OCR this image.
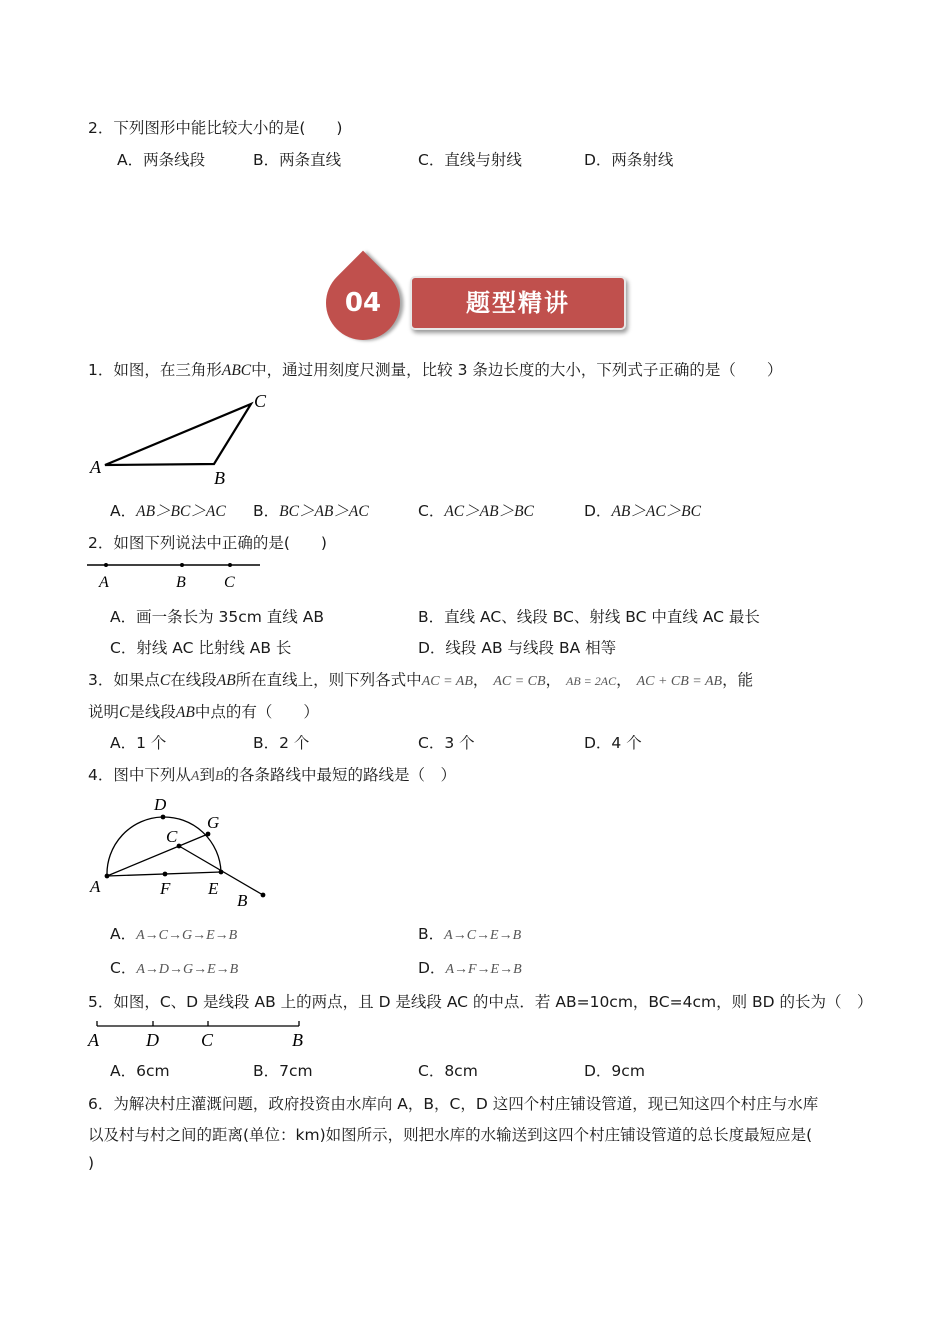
2．下列图形中能比较大小的是(　　)
A．两条线段	B．两条直线	C．直线与射线	D．两条射线
04	题型精讲
1．如图，在三角形ABC中，通过用刻度尺测量，比较 3 条边长度的大小，下列式子正确的是（　　）
A
B
C
A．AB＞BC＞AC B．BC＞AB＞AC	C．AC＞AB＞BC	D．AB＞AC＞BC
2．如图下列说法中正确的是(　　)
A	B C
A．画一条长为 35cm 直线 AB	B．直线 AC、线段 BC、射线 BC 中直线 AC 最长
C．射线 AC 比射线 AB 长	D．线段 AB 与线段 BA 相等
3．如果点C在线段AB所在直线上，则下列各式中AC = AB， AC = CB， AB = 2AC， AC + CB = AB，能
说明C是线段AB中点的有（　　）
A．1 个	B．2 个	C．3 个	D．4 个
4．图中下列从A到B的各条路线中最短的路线是（　）
A
D
C
G
F E
B
A．A→C→G→E→B	B．A→C→E→B
C．A→D→G→E→B	D．A→F→E→B
5．如图，C、D 是线段 AB 上的两点，且 D 是线段 AC 的中点．若 AB=10cm，BC=4cm，则 BD 的长为（　）
A	D C	B
A．6cm	B．7cm	C．8cm	D．9cm
6．为解决村庄灌溉问题，政府投资由水库向 A，B，C，D 这四个村庄铺设管道，现已知这四个村庄与水库
以及村与村之间的距离(单位：km)如图所示，则把水库的水输送到这四个村庄铺设管道的总长度最短应是(
)
